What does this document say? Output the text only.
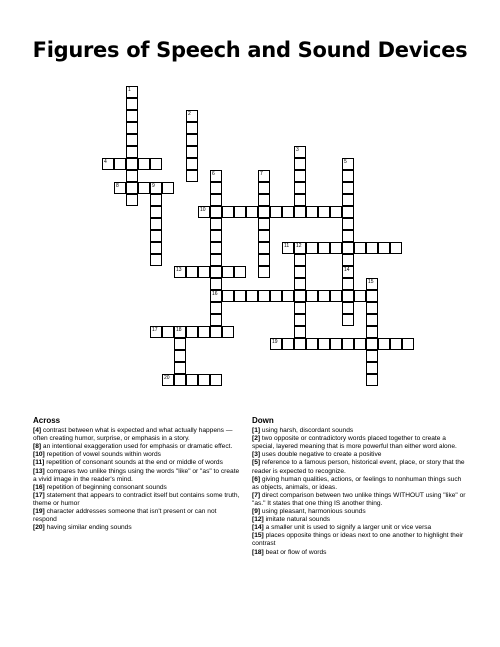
Figures of Speech and Sound Devices
1
2
3
5
14
6
16
7
9
12
15
18
4
8
10
11
13
17
19
20
Across
[4] contrast between what is expected and what actually happens — often creating humor, surprise, or emphasis in a story.
[8] an intentional exaggeration used for emphasis or dramatic effect.
[10] repetition of vowel sounds within words
[11] repetition of consonant sounds at the end or middle of words
[13] compares two unlike things using the words "like" or "as" to create a vivid image in the reader's mind.
[16] repetition of beginning consonant sounds
[17] statement that appears to contradict itself but contains some truth, theme or humor
[19] character addresses someone that isn't present or can not respond
[20] having similar ending sounds
Down
[1] using harsh, discordant sounds
[2] two opposite or contradictory words placed together to create a special, layered meaning that is more powerful than either word alone.
[3] uses double negative to create a positive
[5] reference to a famous person, historical event, place, or story that the reader is expected to recognize.
[6] giving human qualities, actions, or feelings to nonhuman things such as objects, animals, or ideas.
[7] direct comparison between two unlike things WITHOUT using "like" or "as." It states that one thing IS another thing.
[9] using pleasant, harmonious sounds
[12] imitate natural sounds
[14] a smaller unit is used to signify a larger unit or vice versa
[15] places opposite things or ideas next to one another to highlight their contrast
[18] beat or flow of words
